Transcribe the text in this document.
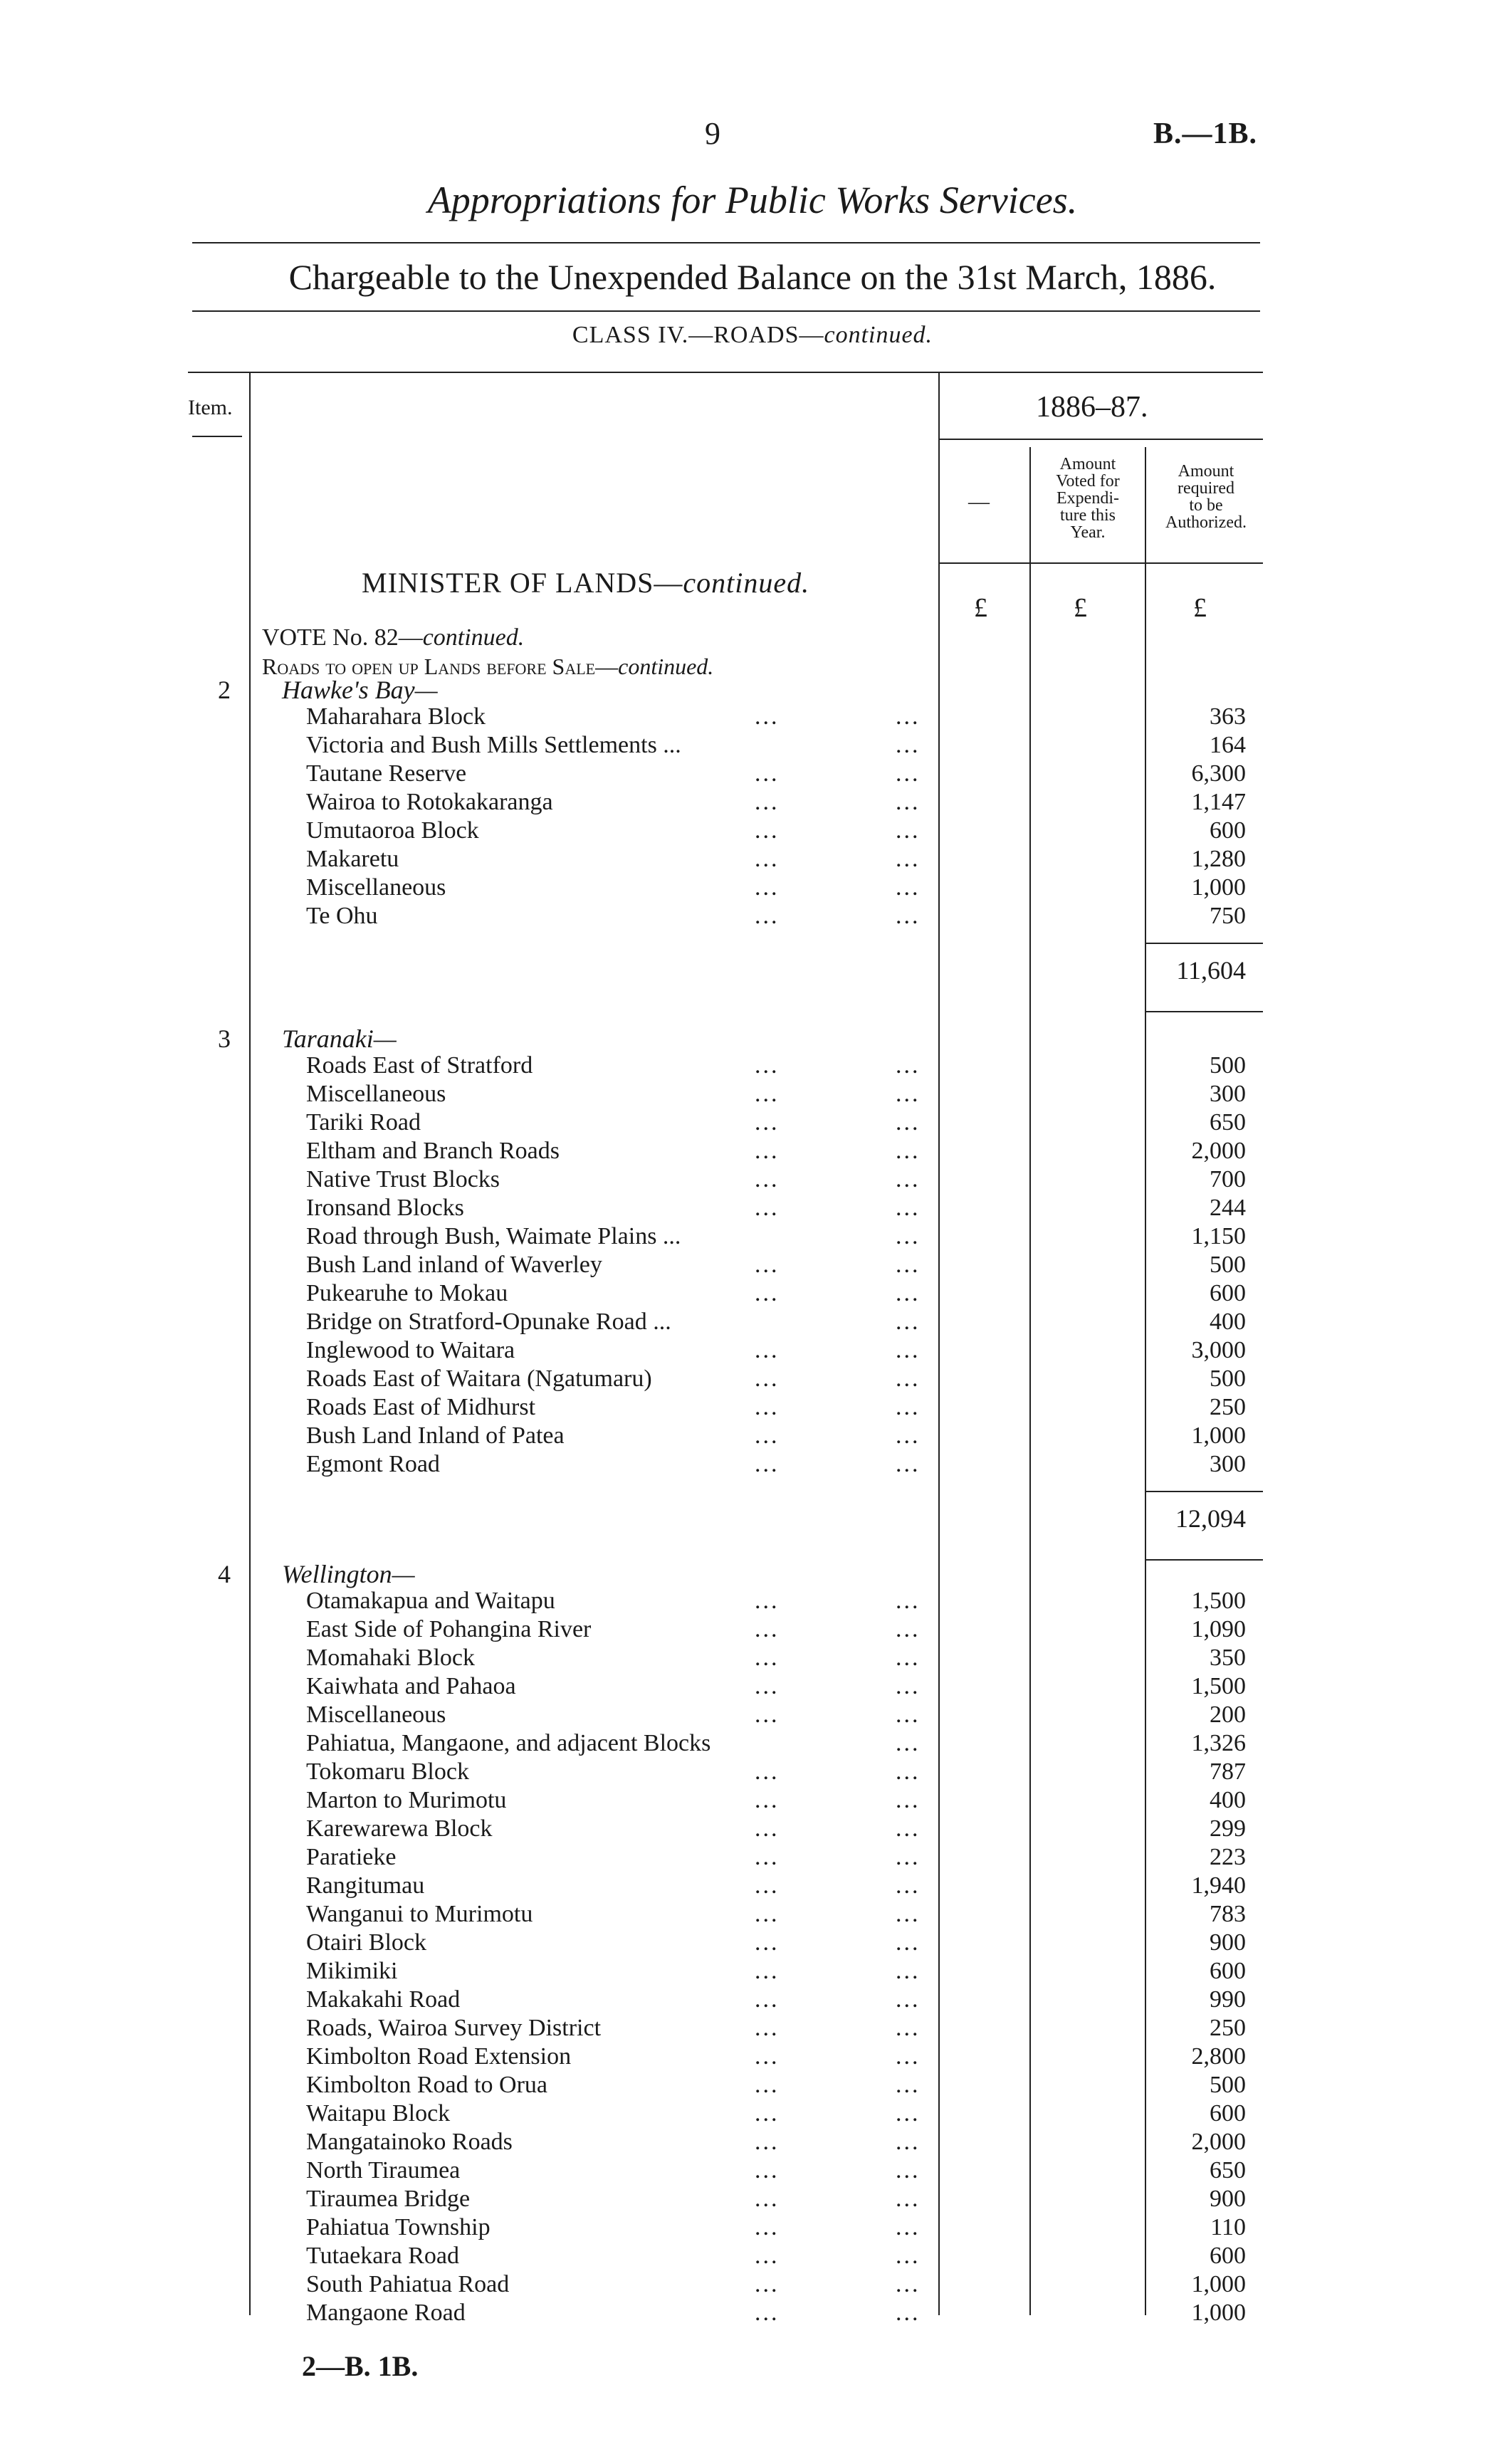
9	B.—1B.
Appropriations for Public Works Services.
Chargeable to the Unexpended Balance on the 31st March, 1886.
CLASS IV.—ROADS—continued.
Item.	1886–87.
—
Amount
Voted for
Expendi-
ture this
Year.
Amount
required
to be
Authorized.
MINISTER OF LANDS—continued.
£	£	£
VOTE No. 82—continued.
Roads to open up Lands before Sale—continued.
2 Hawke's Bay—
Maharahara Block	...	...	363
Victoria and Bush Mills Settlements ...	...	164
Tautane Reserve	...	...	6,300
Wairoa to Rotokakaranga	...	...	1,147
Umutaoroa Block	...	...	600
Makaretu	...	...	1,280
Miscellaneous	...	...	1,000
Te Ohu	...	...	750
11,604
3 Taranaki—
Roads East of Stratford	...	...	500
Miscellaneous	...	...	300
Tariki Road	...	...	650
Eltham and Branch Roads	...	...	2,000
Native Trust Blocks	...	...	700
Ironsand Blocks	...	...	244
Road through Bush, Waimate Plains ...	...	1,150
Bush Land inland of Waverley	...	...	500
Pukearuhe to Mokau	...	...	600
Bridge on Stratford-Opunake Road ...	...	400
Inglewood to Waitara	...	...	3,000
Roads East of Waitara (Ngatumaru)	...	...	500
Roads East of Midhurst	...	...	250
Bush Land Inland of Patea	...	...	1,000
Egmont Road	...	...	300
12,094
4 Wellington—
Otamakapua and Waitapu	...	...	1,500
East Side of Pohangina River	...	...	1,090
Momahaki Block	...	...	350
Kaiwhata and Pahaoa	...	...	1,500
Miscellaneous	...	...	200
Pahiatua, Mangaone, and adjacent Blocks	...	1,326
Tokomaru Block	...	...	787
Marton to Murimotu	...	...	400
Karewarewa Block	...	...	299
Paratieke	...	...	223
Rangitumau	...	...	1,940
Wanganui to Murimotu	...	...	783
Otairi Block	...	...	900
Mikimiki	...	...	600
Makakahi Road	...	...	990
Roads, Wairoa Survey District	...	...	250
Kimbolton Road Extension	...	...	2,800
Kimbolton Road to Orua	...	...	500
Waitapu Block	...	...	600
Mangatainoko Roads	...	...	2,000
North Tiraumea	...	...	650
Tiraumea Bridge	...	...	900
Pahiatua Township	...	...	110
Tutaekara Road	...	...	600
South Pahiatua Road	...	...	1,000
Mangaone Road	...	...	1,000
2—B. 1B.
